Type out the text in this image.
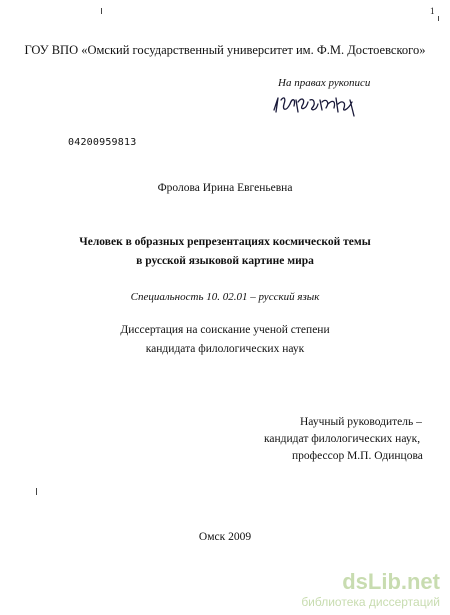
1
ГОУ ВПО «Омский государственный университет им. Ф.М. Достоевского»
На правах рукописи
04200959813
Фролова Ирина Евгеньевна
Человек в образных репрезентациях космической темы
в русской языковой картине мира
Специальность 10. 02.01 – русский язык
Диссертация на соискание ученой степени
кандидата филологических наук
Научный руководитель –
кандидат филологических наук,
профессор М.П. Одинцова
Омск 2009
dsLib.net
библиотека диссертаций
